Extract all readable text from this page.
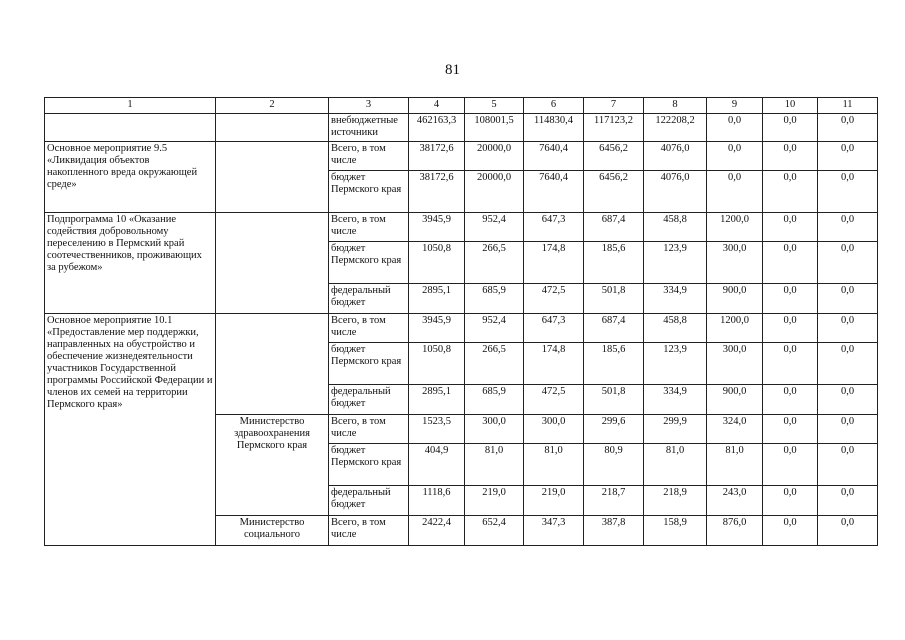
81
1	2	3	4	5	6	7	8	9	10	11
		внебюджетные источники	462163,3	108001,5	114830,4	117123,2	122208,2	0,0	0,0	0,0
Основное мероприятие 9.5 «Ликвидация объектов накопленного вреда окружающей среде»		Всего, в том числе	38172,6	20000,0	7640,4	6456,2	4076,0	0,0	0,0	0,0
		бюджет Пермского края	38172,6	20000,0	7640,4	6456,2	4076,0	0,0	0,0	0,0
Подпрограмма 10 «Оказание содействия добровольному переселению в Пермский край соотечественников, проживающих за рубежом»		Всего, в том числе	3945,9	952,4	647,3	687,4	458,8	1200,0	0,0	0,0
		бюджет Пермского края	1050,8	266,5	174,8	185,6	123,9	300,0	0,0	0,0
		федеральный бюджет	2895,1	685,9	472,5	501,8	334,9	900,0	0,0	0,0
Основное мероприятие 10.1 «Предоставление мер поддержки, направленных на обустройство и обеспечение жизнедеятельности участников Государственной программы Российской Федерации и членов их семей на территории Пермского края»		Всего, в том числе	3945,9	952,4	647,3	687,4	458,8	1200,0	0,0	0,0
		бюджет Пермского края	1050,8	266,5	174,8	185,6	123,9	300,0	0,0	0,0
		федеральный бюджет	2895,1	685,9	472,5	501,8	334,9	900,0	0,0	0,0
	Министерство здравоохранения Пермского края	Всего, в том числе	1523,5	300,0	300,0	299,6	299,9	324,0	0,0	0,0
		бюджет Пермского края	404,9	81,0	81,0	80,9	81,0	81,0	0,0	0,0
		федеральный бюджет	1118,6	219,0	219,0	218,7	218,9	243,0	0,0	0,0
	Министерство социального	Всего, в том числе	2422,4	652,4	347,3	387,8	158,9	876,0	0,0	0,0
